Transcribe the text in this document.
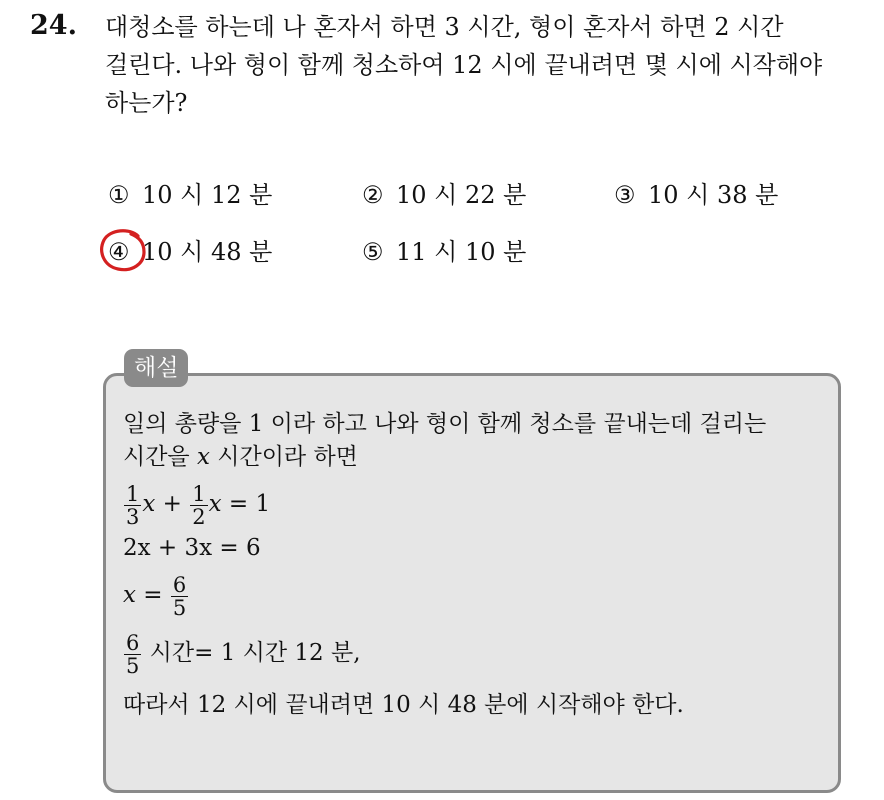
24. 대청소를 하는데 나 혼자서 하면 3 시간, 형이 혼자서 하면 2 시간
걸린다. 나와 형이 함께 청소하여 12 시에 끝내려면 몇 시에 시작해야
하는가?
① 10 시 12 분	② 10 시 22 분	③ 10 시 38 분
④ 10 시 48 분	⑤ 11 시 10 분
해설
일의 총량을 1 이라 하고 나와 형이 함께 청소를 끝내는데 걸리는
시간을 x 시간이라 하면
$\frac{1}{3}$ $x + \frac{1}{2}$ x = 1
2x + 3x = 6
$x = \frac{6}{5}$
$\frac{6}{5}$ 시간= 1 시간 12 분,
따라서 12 시에 끝내려면 10 시 48 분에 시작해야 한다.
